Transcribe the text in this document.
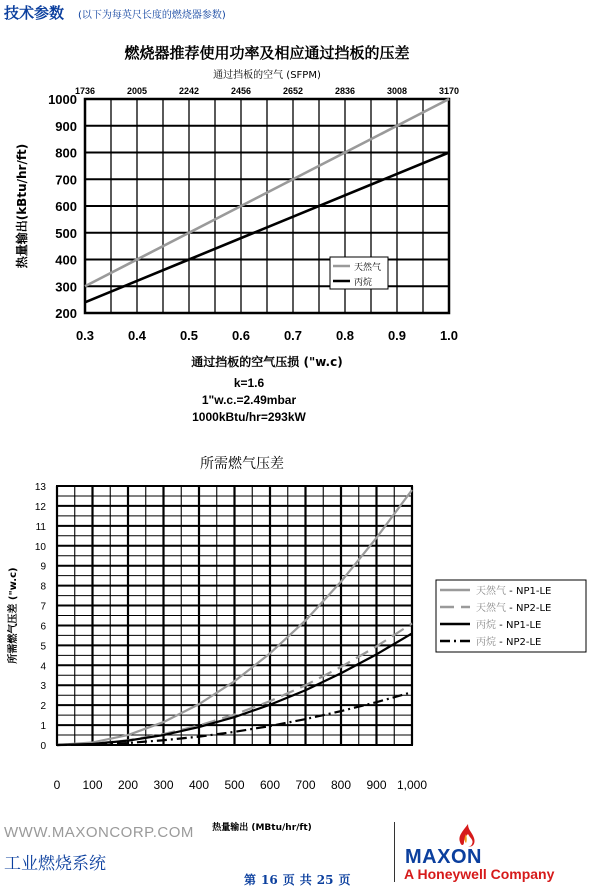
技术参数 (以下为每英尺长度的燃烧器参数)
燃烧器推荐使用功率及相应通过挡板的压差
通过挡板的空气 (SFPM)
200
300
400
500
600
700
800
900
1000
0.3	0.4	0.5	0.6	0.7	0.8	0.9	1.0
1736	2005	2242	2456	2652	2836	3008	3170
热量输出(kBtu/hr/ft)
通过挡板的空气压损 ("w.c)
天然气
丙烷
k=1.6
1"w.c.=2.49mbar
1000kBtu/hr=293kW
所需燃气压差
0
1
2
3
4
5
6
7
8
9
10
11
12
13
0 100 200 300 400 500 600 700 800 900 1,000
所需燃气压差 ("w.c)
热量输出 (MBtu/hr/ft)
天然气 - NP1-LE
天然气 - NP2-LE
丙烷 - NP1-LE
丙烷 - NP2-LE
WWW.MAXONCORP.COM
工业燃烧系统
第 16 页 共 25 页
MAXON
A Honeywell Company
